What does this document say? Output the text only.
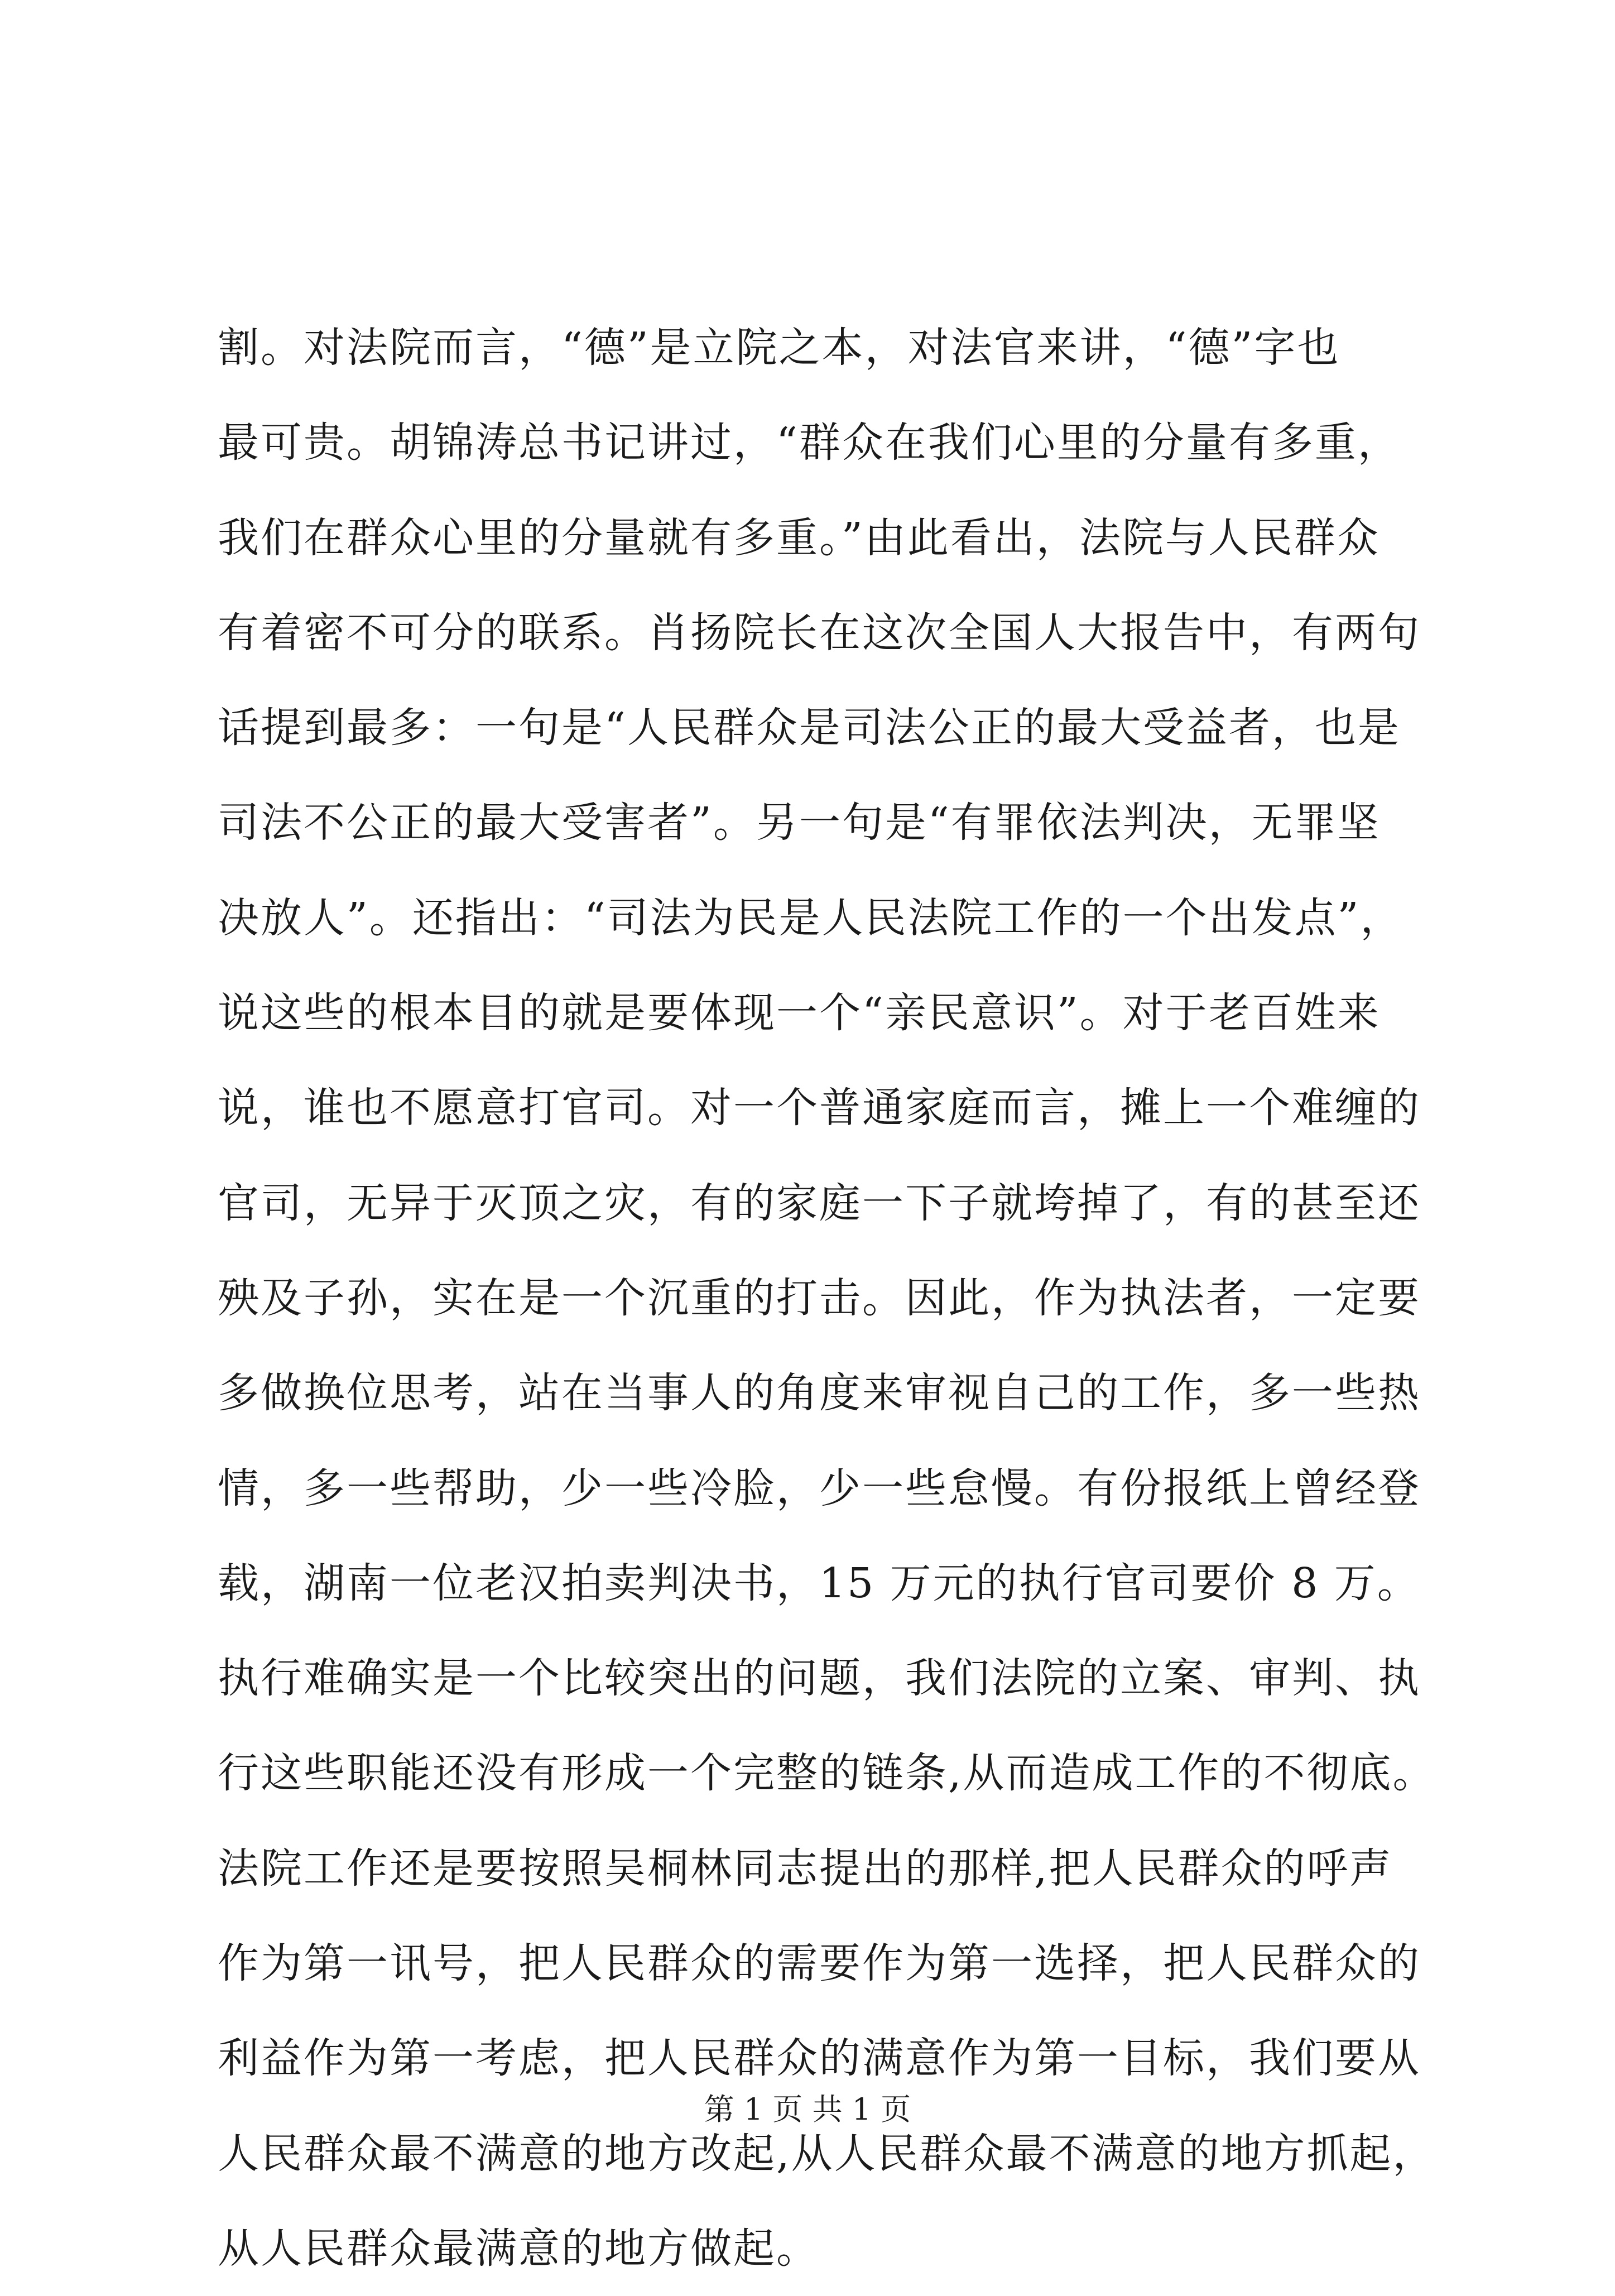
割。对法院而言，“德”是立院之本，对法官来讲，“德”字也
最可贵。胡锦涛总书记讲过，“群众在我们心里的分量有多重，
我们在群众心里的分量就有多重。”由此看出，法院与人民群众
有着密不可分的联系。肖扬院长在这次全国人大报告中，有两句
话提到最多：一句是“人民群众是司法公正的最大受益者，也是
司法不公正的最大受害者”。另一句是“有罪依法判决，无罪坚
决放人”。还指出：“司法为民是人民法院工作的一个出发点”，
说这些的根本目的就是要体现一个“亲民意识”。对于老百姓来
说，谁也不愿意打官司。对一个普通家庭而言，摊上一个难缠的
官司，无异于灭顶之灾，有的家庭一下子就垮掉了，有的甚至还
殃及子孙，实在是一个沉重的打击。因此，作为执法者，一定要
多做换位思考，站在当事人的角度来审视自己的工作，多一些热
情，多一些帮助，少一些冷脸，少一些怠慢。有份报纸上曾经登
载，湖南一位老汉拍卖判决书，15 万元的执行官司要价 8 万。
执行难确实是一个比较突出的问题，我们法院的立案、审判、执
行这些职能还没有形成一个完整的链条,从而造成工作的不彻底。
法院工作还是要按照吴桐林同志提出的那样,把人民群众的呼声
作为第一讯号，把人民群众的需要作为第一选择，把人民群众的
利益作为第一考虑，把人民群众的满意作为第一目标，我们要从
人民群众最不满意的地方改起,从人民群众最不满意的地方抓起，
从人民群众最满意的地方做起。
第 1 页 共 1 页
